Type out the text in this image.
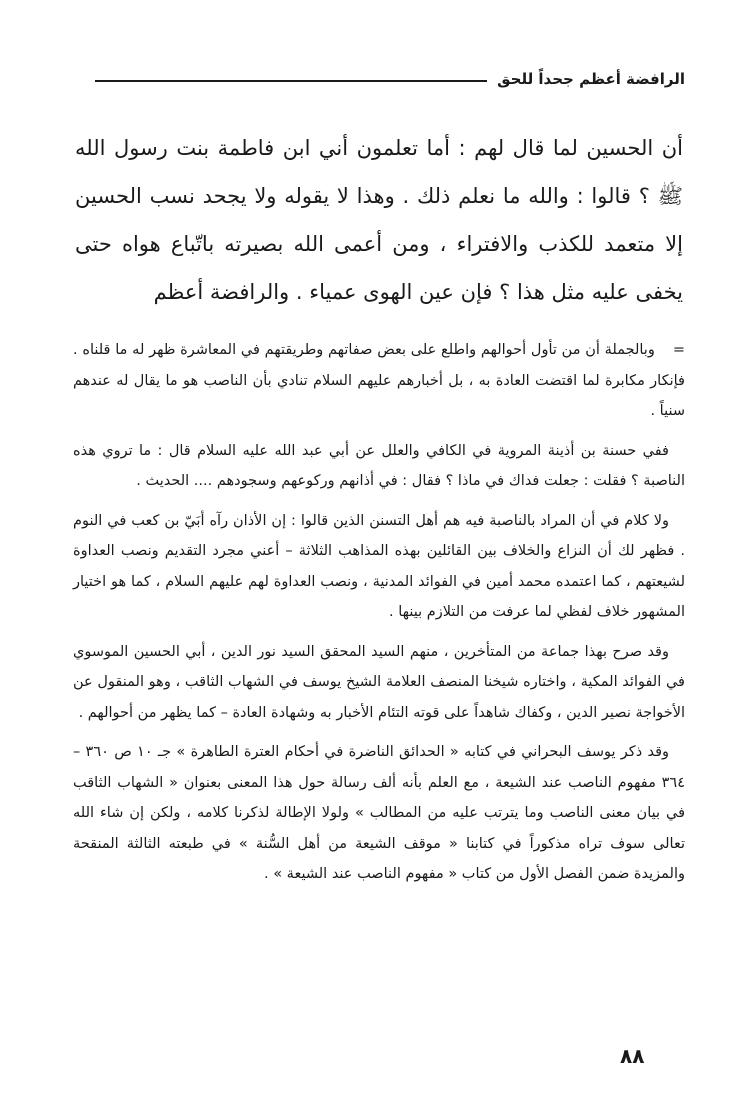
الرافضة أعظم جحداً للحق

أن الحسين لما قال لهم : أما تعلمون أني ابن فاطمة بنت رسول الله ﷺ ؟ قالوا : والله ما نعلم ذلك . وهذا لا يقوله ولا يجحد نسب الحسين إلا متعمد للكذب والافتراء ، ومن أعمى الله بصيرته باتّباع هواه حتى يخفى عليه مثل هذا ؟ فإن عين الهوى عمياء . والرافضة أعظم

=وبالجملة أن من تأول أحوالهم واطلع على بعض صفاتهم وطريقتهم في المعاشرة ظهر له ما قلناه . فإنكار مكابرة لما اقتضت العادة به ، بل أخبارهم عليهم السلام تنادي بأن الناصب هو ما يقال له عندهم سنياً .

ففي حسنة بن أذينة المروية في الكافي والعلل عن أبي عبد الله عليه السلام قال : ما تروي هذه الناصبة ؟ فقلت : جعلت فداك في ماذا ؟ فقال : في أذانهم وركوعهم وسجودهم .... الحديث .

ولا كلام في أن المراد بالناصبة فيه هم أهل التسنن الذين قالوا : إن الأذان رآه أبَيّ بن كعب في النوم . فظهر لك أن النزاع والخلاف بين القائلين بهذه المذاهب الثلاثة – أعني مجرد التقديم ونصب العداوة لشيعتهم ، كما اعتمده محمد أمين في الفوائد المدنية ، ونصب العداوة لهم عليهم السلام ، كما هو اختيار المشهور خلاف لفظي لما عرفت من التلازم بينها .

وقد صرح بهذا جماعة من المتأخرين ، منهم السيد المحقق السيد نور الدين ، أبي الحسين الموسوي في الفوائد المكية ، واختاره شيخنا المنصف العلامة الشيخ يوسف في الشهاب الثاقب ، وهو المنقول عن الأخواجة نصير الدين ، وكفاك شاهداً على قوته التئام الأخبار به وشهادة العادة – كما يظهر من أحوالهم .

وقد ذكر يوسف البحراني في كتابه « الحدائق الناضرة في أحكام العترة الطاهرة » جـ ١٠ ص ٣٦٠ – ٣٦٤ مفهوم الناصب عند الشيعة ، مع العلم بأنه ألف رسالة حول هذا المعنى بعنوان « الشهاب الثاقب في بيان معنى الناصب وما يترتب عليه من المطالب » ولولا الإطالة لذكرنا كلامه ، ولكن إن شاء الله تعالى سوف تراه مذكوراً في كتابنا « موقف الشيعة من أهل السُّنة » في طبعته الثالثة المنقحة والمزيدة ضمن الفصل الأول من كتاب « مفهوم الناصب عند الشيعة » .

٨٨
